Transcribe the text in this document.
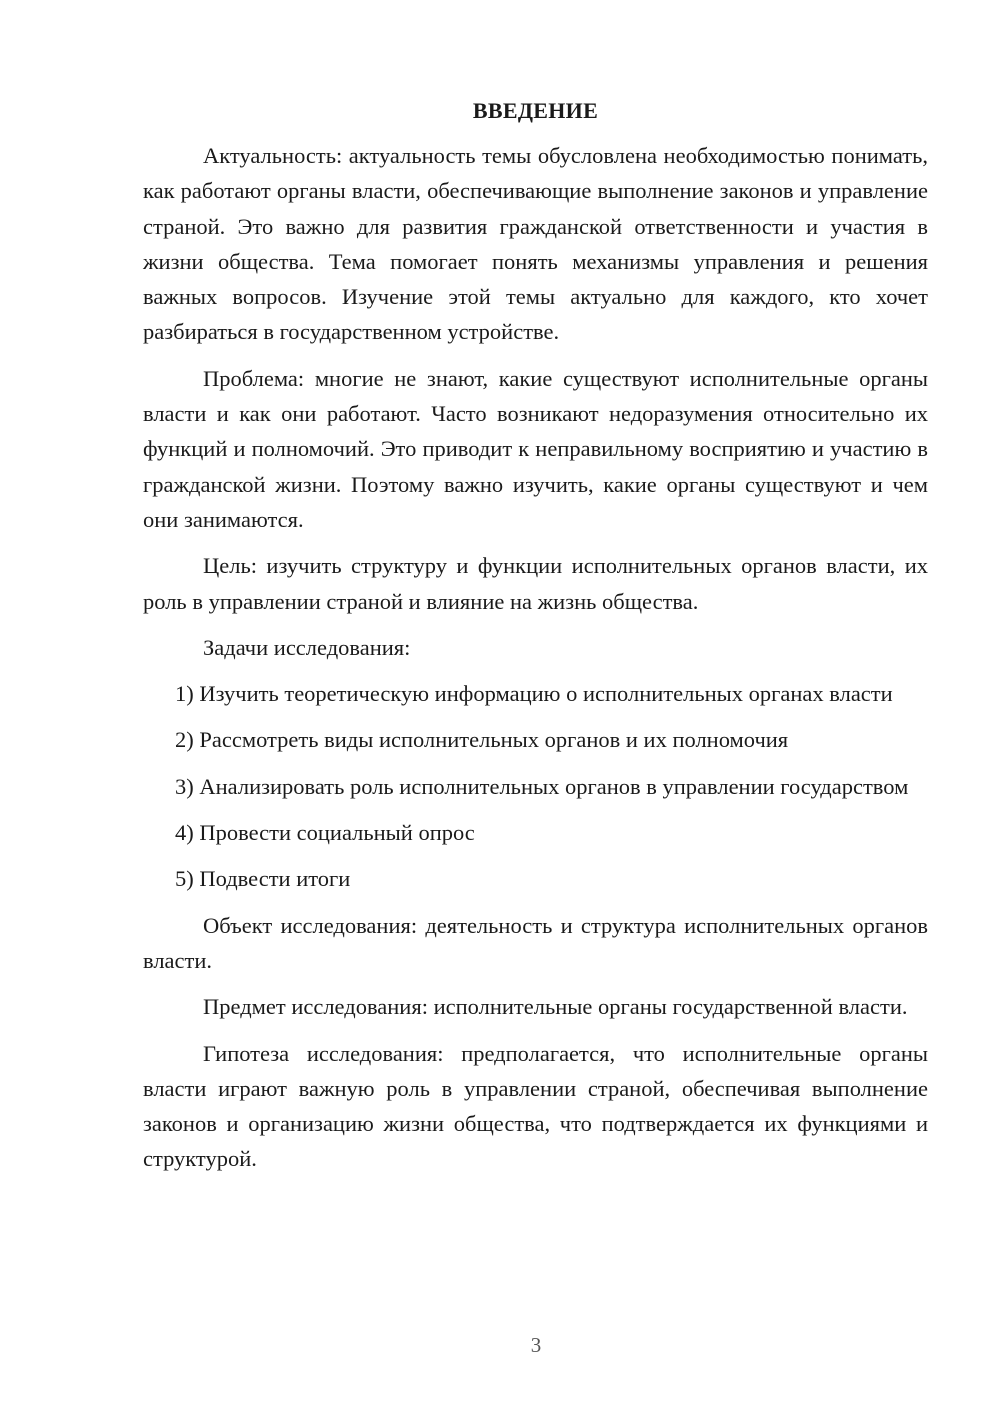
ВВЕДЕНИЕ

Актуальность: актуальность темы обусловлена необходимостью понимать, как работают органы власти, обеспечивающие выполнение законов и управление страной. Это важно для развития гражданской ответственности и участия в жизни общества. Тема помогает понять механизмы управления и решения важных вопросов. Изучение этой темы актуально для каждого, кто хочет разбираться в государственном устройстве.

Проблема: многие не знают, какие существуют исполнительные органы власти и как они работают. Часто возникают недоразумения относительно их функций и полномочий. Это приводит к неправильному восприятию и участию в гражданской жизни. Поэтому важно изучить, какие органы существуют и чем они занимаются.

Цель: изучить структуру и функции исполнительных органов власти, их роль в управлении страной и влияние на жизнь общества.

Задачи исследования:

1) Изучить теоретическую информацию о исполнительных органах власти

2) Рассмотреть виды исполнительных органов и их полномочия

3) Анализировать роль исполнительных органов в управлении государством

4) Провести социальный опрос

5) Подвести итоги

Объект исследования: деятельность и структура исполнительных органов власти.

Предмет исследования: исполнительные органы государственной власти.

Гипотеза исследования: предполагается, что исполнительные органы власти играют важную роль в управлении страной, обеспечивая выполнение законов и организацию жизни общества, что подтверждается их функциями и структурой.

3
